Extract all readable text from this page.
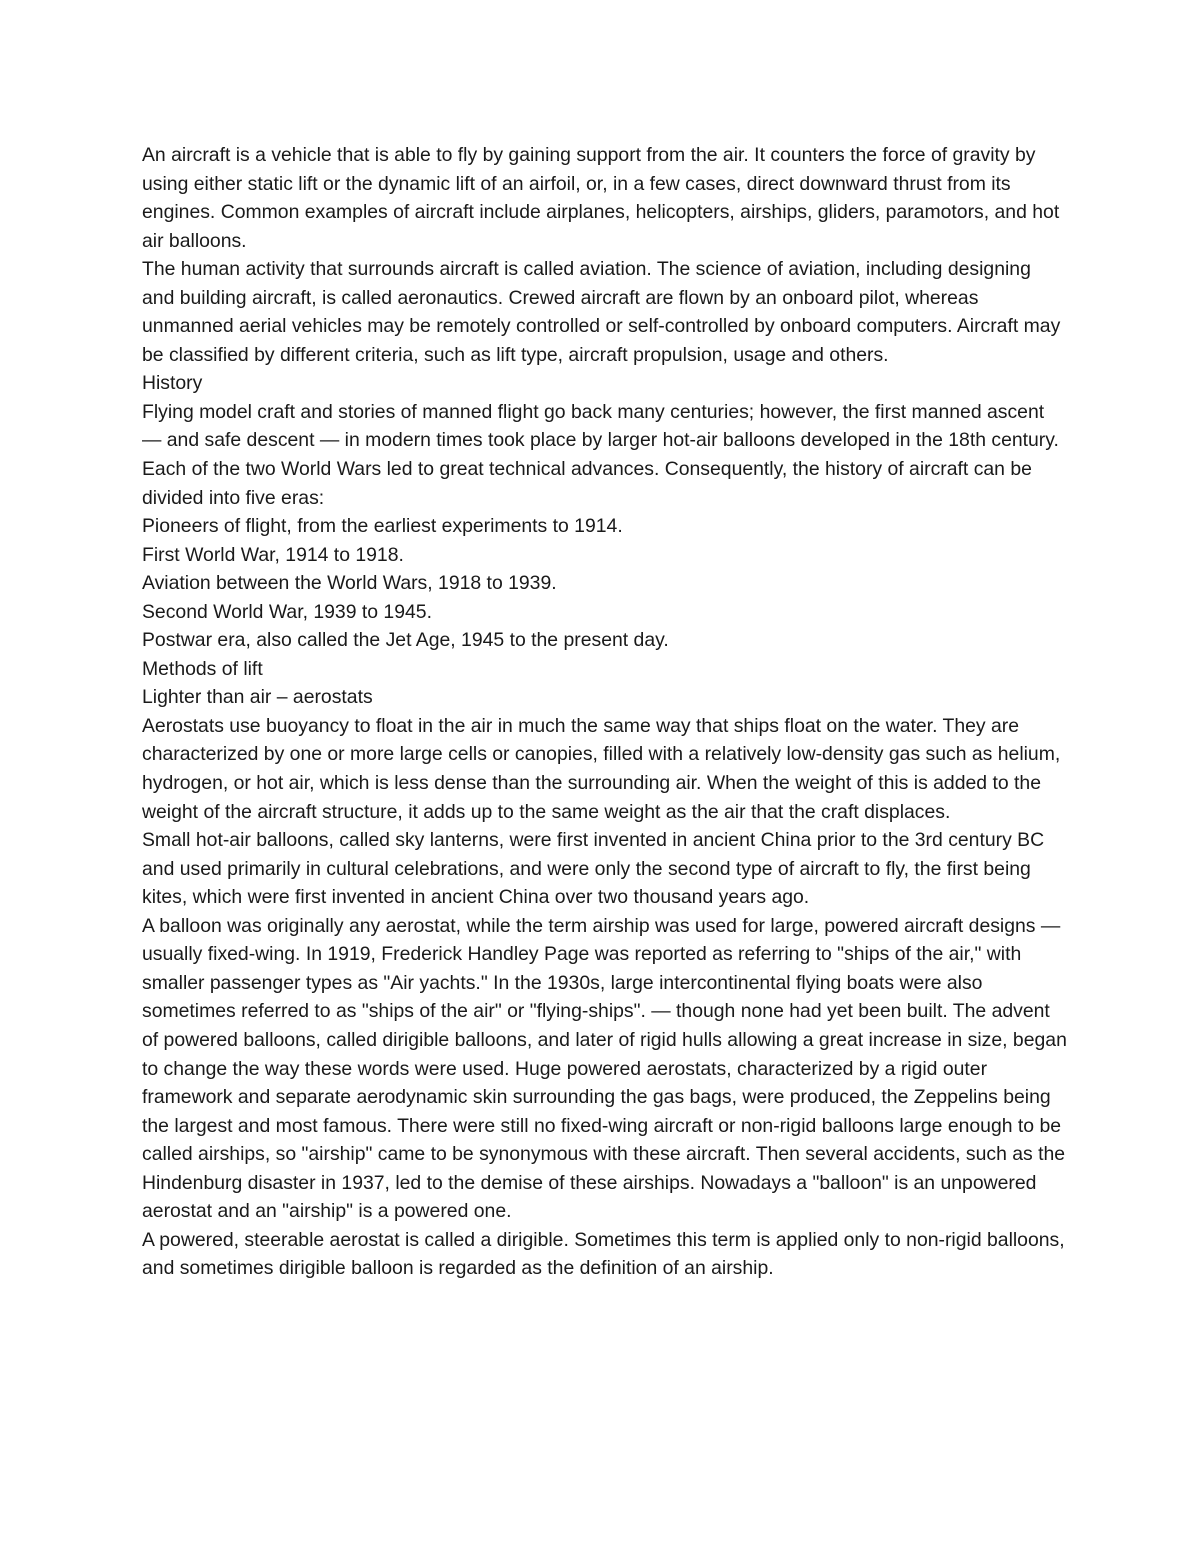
An aircraft is a vehicle that is able to fly by gaining support from the air. It counters the force of gravity by using either static lift or the dynamic lift of an airfoil, or, in a few cases, direct downward thrust from its engines. Common examples of aircraft include airplanes, helicopters, airships, gliders, paramotors, and hot air balloons.

The human activity that surrounds aircraft is called aviation. The science of aviation, including designing and building aircraft, is called aeronautics. Crewed aircraft are flown by an onboard pilot, whereas unmanned aerial vehicles may be remotely controlled or self-controlled by onboard computers. Aircraft may be classified by different criteria, such as lift type, aircraft propulsion, usage and others.

History

Flying model craft and stories of manned flight go back many centuries; however, the first manned ascent — and safe descent — in modern times took place by larger hot-air balloons developed in the 18th century. Each of the two World Wars led to great technical advances. Consequently, the history of aircraft can be divided into five eras:

Pioneers of flight, from the earliest experiments to 1914.

First World War, 1914 to 1918.

Aviation between the World Wars, 1918 to 1939.

Second World War, 1939 to 1945.

Postwar era, also called the Jet Age, 1945 to the present day.

Methods of lift

Lighter than air – aerostats

Aerostats use buoyancy to float in the air in much the same way that ships float on the water. They are characterized by one or more large cells or canopies, filled with a relatively low-density gas such as helium, hydrogen, or hot air, which is less dense than the surrounding air. When the weight of this is added to the weight of the aircraft structure, it adds up to the same weight as the air that the craft displaces.

Small hot-air balloons, called sky lanterns, were first invented in ancient China prior to the 3rd century BC and used primarily in cultural celebrations, and were only the second type of aircraft to fly, the first being kites, which were first invented in ancient China over two thousand years ago.

A balloon was originally any aerostat, while the term airship was used for large, powered aircraft designs — usually fixed-wing. In 1919, Frederick Handley Page was reported as referring to "ships of the air," with smaller passenger types as "Air yachts." In the 1930s, large intercontinental flying boats were also sometimes referred to as "ships of the air" or "flying-ships". — though none had yet been built. The advent of powered balloons, called dirigible balloons, and later of rigid hulls allowing a great increase in size, began to change the way these words were used. Huge powered aerostats, characterized by a rigid outer framework and separate aerodynamic skin surrounding the gas bags, were produced, the Zeppelins being the largest and most famous. There were still no fixed-wing aircraft or non-rigid balloons large enough to be called airships, so "airship" came to be synonymous with these aircraft. Then several accidents, such as the Hindenburg disaster in 1937, led to the demise of these airships. Nowadays a "balloon" is an unpowered aerostat and an "airship" is a powered one.

A powered, steerable aerostat is called a dirigible. Sometimes this term is applied only to non-rigid balloons, and sometimes dirigible balloon is regarded as the definition of an airship.
